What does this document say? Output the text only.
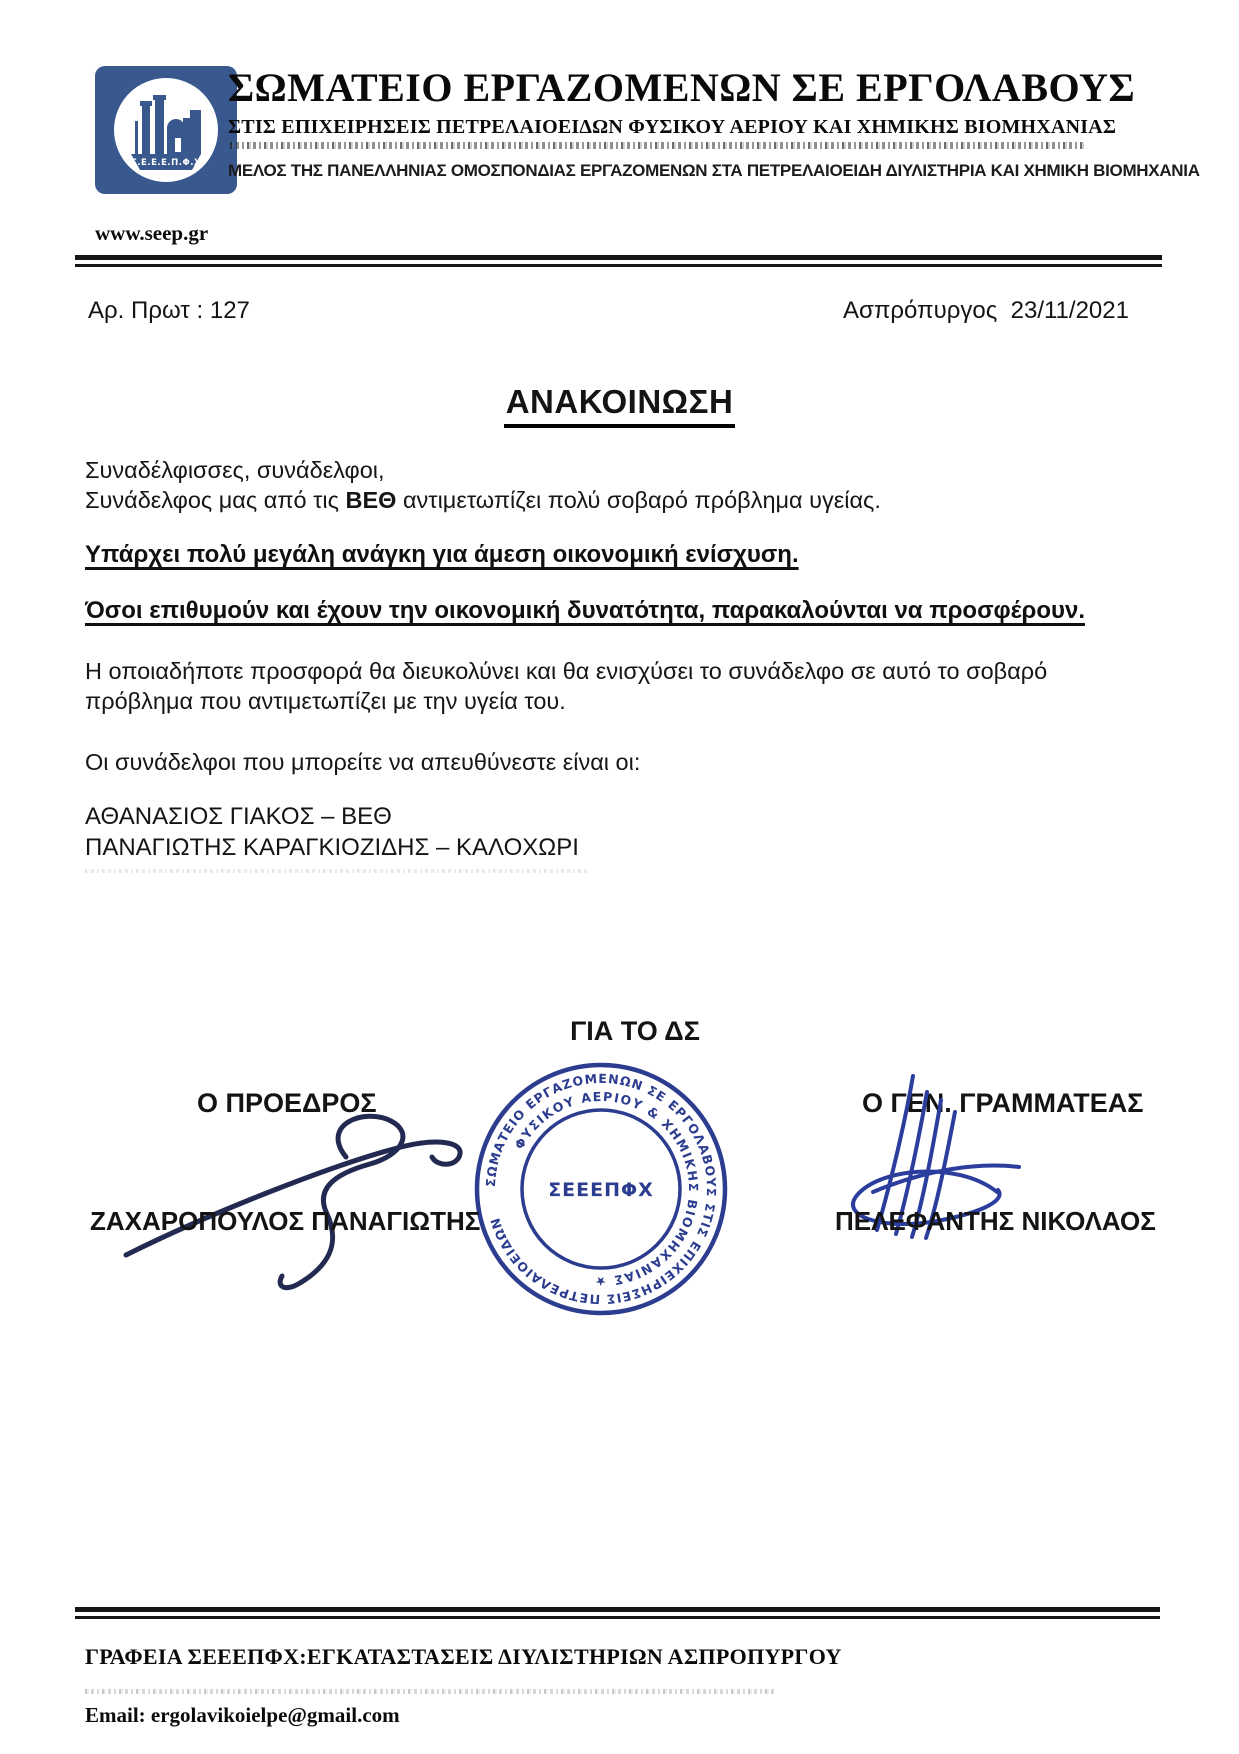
Σ.Ε.Ε.Ε.Π.Φ.Χ
ΣΩΜΑΤΕΙΟ ΕΡΓΑΖΟΜΕΝΩΝ ΣΕ ΕΡΓΟΛΑΒΟΥΣ
ΣΤΙΣ ΕΠΙΧΕΙΡΗΣΕΙΣ ΠΕΤΡΕΛΑΙΟΕΙΔΩΝ ΦΥΣΙΚΟΥ ΑΕΡΙΟΥ ΚΑΙ ΧΗΜΙΚΗΣ ΒΙΟΜΗΧΑΝΙΑΣ
ΜΕΛΟΣ ΤΗΣ ΠΑΝΕΛΛΗΝΙΑΣ ΟΜΟΣΠΟΝΔΙΑΣ ΕΡΓΑΖΟΜΕΝΩΝ ΣΤΑ ΠΕΤΡΕΛΑΙΟΕΙΔΗ ΔΙΥΛΙΣΤΗΡΙΑ ΚΑΙ ΧΗΜΙΚΗ ΒΙΟΜΗΧΑΝΙΑ
www.seep.gr
Αρ. Πρωτ : 127	Ασπρόπυργος  23/11/2021
ΑΝΑΚΟΙΝΩΣΗ
Συναδέλφισσες, συνάδελφοι,
Συνάδελφος μας από τις ΒΕΘ αντιμετωπίζει πολύ σοβαρό πρόβλημα υγείας.
Υπάρχει πολύ μεγάλη ανάγκη για άμεση οικονομική ενίσχυση.
Όσοι επιθυμούν και έχουν την οικονομική δυνατότητα, παρακαλούνται να προσφέρουν.
Η οποιαδήποτε προσφορά θα διευκολύνει και θα ενισχύσει το συνάδελφο σε αυτό το σοβαρό πρόβλημα που αντιμετωπίζει με την υγεία του.
Οι συνάδελφοι που μπορείτε να απευθύνεστε είναι οι:
ΑΘΑΝΑΣΙΟΣ ΓΙΑΚΟΣ – ΒΕΘ
ΠΑΝΑΓΙΩΤΗΣ ΚΑΡΑΓΚΙΟΖΙΔΗΣ – ΚΑΛΟΧΩΡΙ
ΓΙΑ ΤΟ ΔΣ
Ο ΠΡΟΕΔΡΟΣ	Ο ΓΕΝ. ΓΡΑΜΜΑΤΕΑΣ
ΣΩΜΑΤΕΙΟ ΕΡΓΑΖΟΜΕΝΩΝ ΣΕ ΕΡΓΟΛΑΒΟΥΣ ΣΤΙΣ ΕΠΙΧΕΙΡΗΣΕΙΣ ΠΕΤΡΕΛΑΙΟΕΙΔΩΝ
ΦΥΣΙΚΟΥ ΑΕΡΙΟΥ & ΧΗΜΙΚΗΣ ΒΙΟΜΗΧΑΝΙΑΣ ★
ΣΕΕΕΠΦΧ
ΖΑΧΑΡΟΠΟΥΛΟΣ ΠΑΝΑΓΙΩΤΗΣ	ΠΕΛΕΦΑΝΤΗΣ ΝΙΚΟΛΑΟΣ
ΓΡΑΦΕΙΑ ΣΕΕΕΠΦΧ:ΕΓΚΑΤΑΣΤΑΣΕΙΣ ΔΙΥΛΙΣΤΗΡΙΩΝ ΑΣΠΡΟΠΥΡΓΟΥ
Email: ergolavikoielpe@gmail.com
